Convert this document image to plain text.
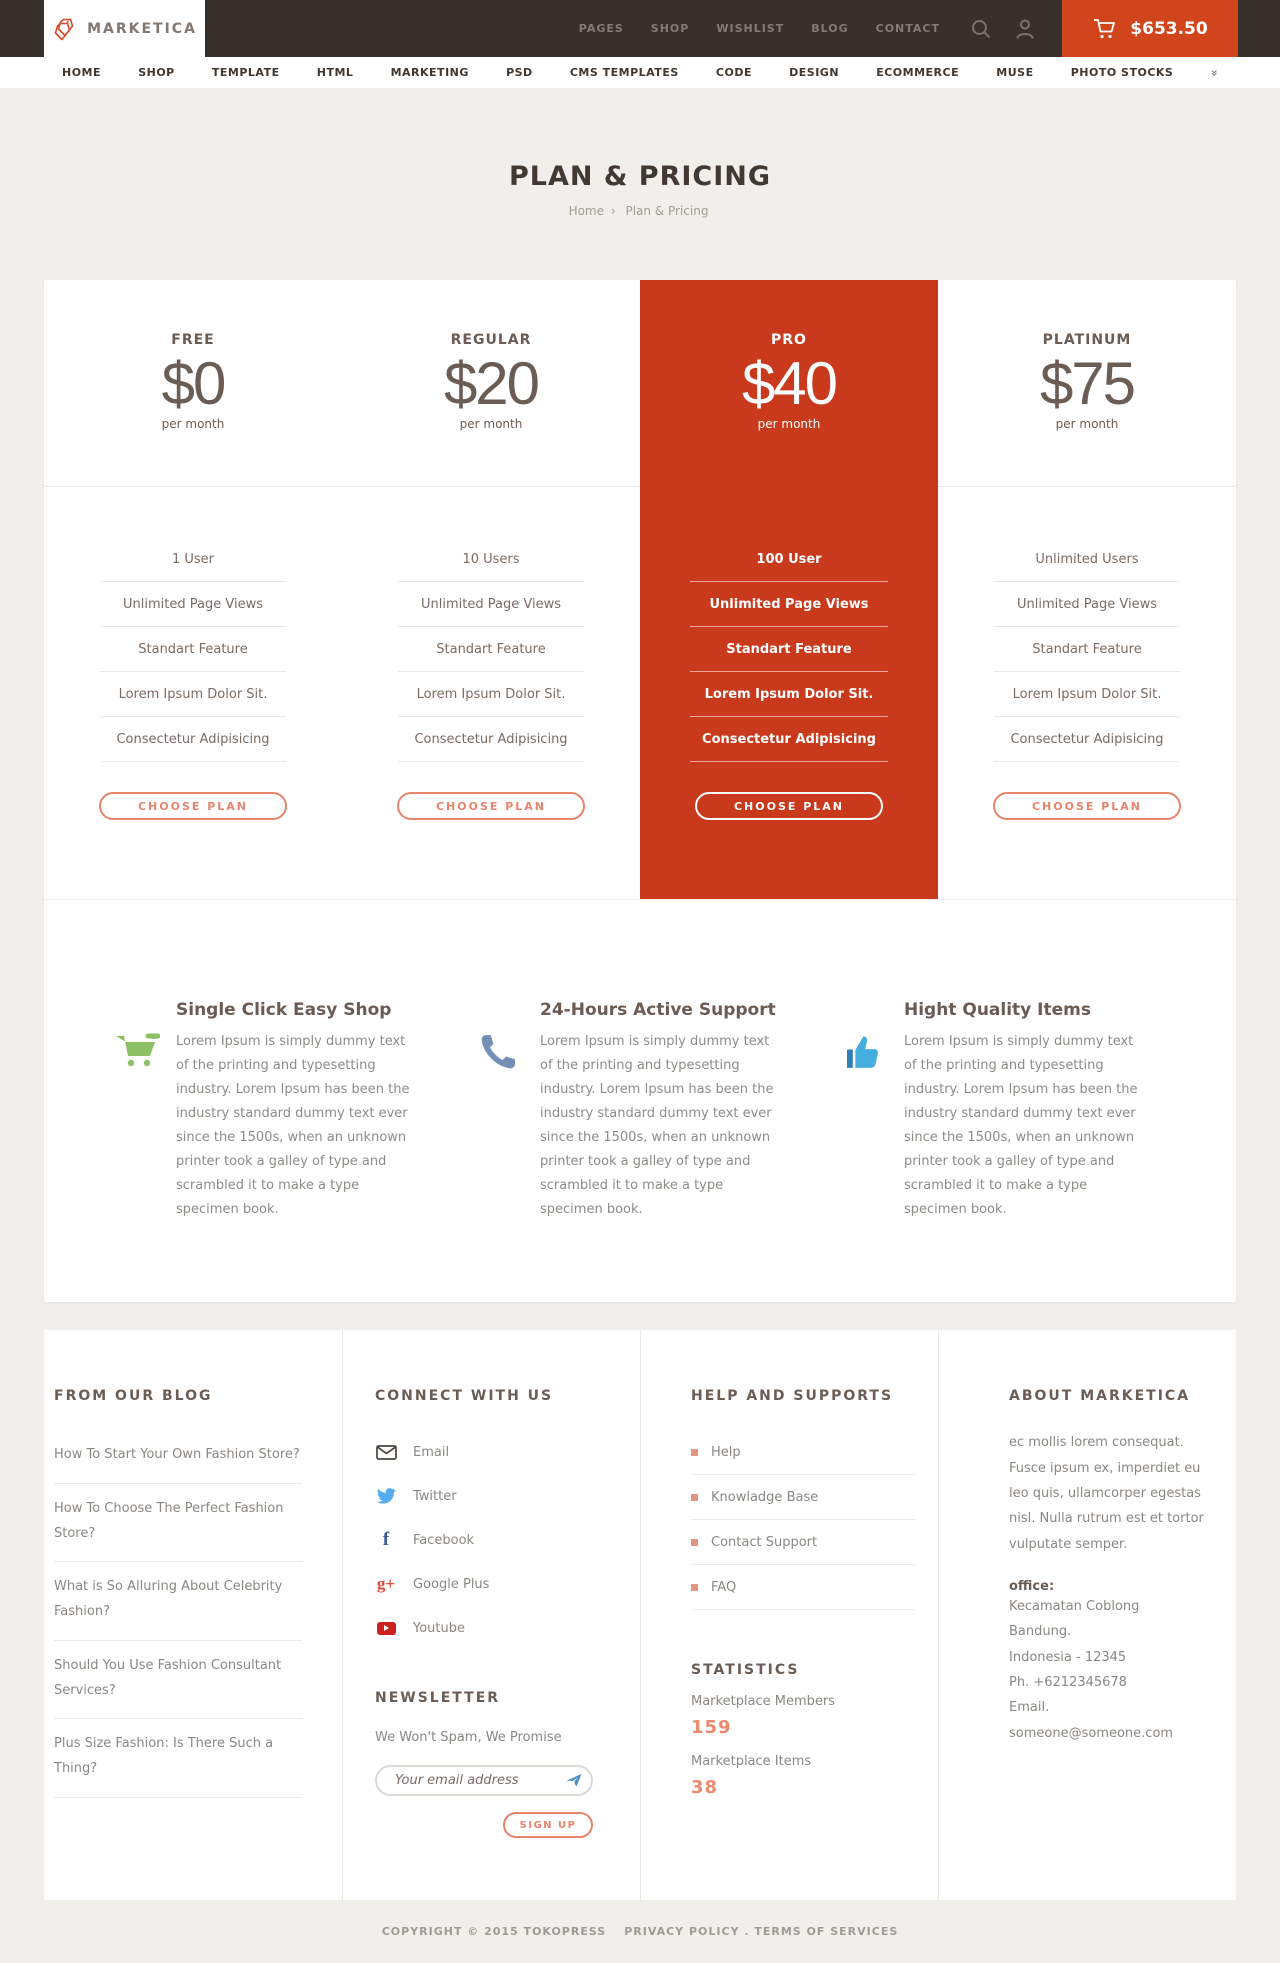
MARKETICA	PAGES SHOP WISHLIST BLOG CONTACT	$653.50
HOME	SHOP	TEMPLATE	HTML	MARKETING	PSD	CMS TEMPLATES	CODE	DESIGN	ECOMMERCE	MUSE	PHOTO STOCKS	»
PLAN & PRICING
Home › Plan & Pricing
FREE
$0
per month
1 User
Unlimited Page Views
Standart Feature
Lorem Ipsum Dolor Sit.
Consectetur Adipisicing
CHOOSE PLAN
REGULAR
$20
per month
10 Users
Unlimited Page Views
Standart Feature
Lorem Ipsum Dolor Sit.
Consectetur Adipisicing
CHOOSE PLAN
PRO
$40
per month
100 User
Unlimited Page Views
Standart Feature
Lorem Ipsum Dolor Sit.
Consectetur Adipisicing
CHOOSE PLAN
PLATINUM
$75
per month
Unlimited Users
Unlimited Page Views
Standart Feature
Lorem Ipsum Dolor Sit.
Consectetur Adipisicing
CHOOSE PLAN
Single Click Easy Shop

Lorem Ipsum is simply dummy text of the printing and typesetting industry. Lorem Ipsum has been the industry standard dummy text ever since the 1500s, when an unknown printer took a galley of type and scrambled it to make a type specimen book.

24-Hours Active Support

Lorem Ipsum is simply dummy text of the printing and typesetting industry. Lorem Ipsum has been the industry standard dummy text ever since the 1500s, when an unknown printer took a galley of type and scrambled it to make a type specimen book.

Hight Quality Items

Lorem Ipsum is simply dummy text of the printing and typesetting industry. Lorem Ipsum has been the industry standard dummy text ever since the 1500s, when an unknown printer took a galley of type and scrambled it to make a type specimen book.

FROM OUR BLOG
How To Start Your Own Fashion Store?
How To Choose The Perfect Fashion Store?
What is So Alluring About Celebrity Fashion?
Should You Use Fashion Consultant Services?
Plus Size Fashion: Is There Such a Thing?
CONNECT WITH US
Email
Twitter
f Facebook
g+ Google Plus
Youtube
NEWSLETTER
We Won't Spam, We Promise
Your email address
SIGN UP
HELP AND SUPPORTS
Help
Knowladge Base
Contact Support
FAQ
STATISTICS
Marketplace Members
159
Marketplace Items
38
ABOUT MARKETICA

ec mollis lorem consequat. Fusce ipsum ex, imperdiet eu leo quis, ullamcorper egestas nisl. Nulla rutrum est et tortor vulputate semper.

office:
Kecamatan Coblong
Bandung.
Indonesia - 12345
Ph. +6212345678
Email. someone@someone.com
COPYRIGHT © 2015 TOKOPRESS PRIVACY POLICY . TERMS OF SERVICES
